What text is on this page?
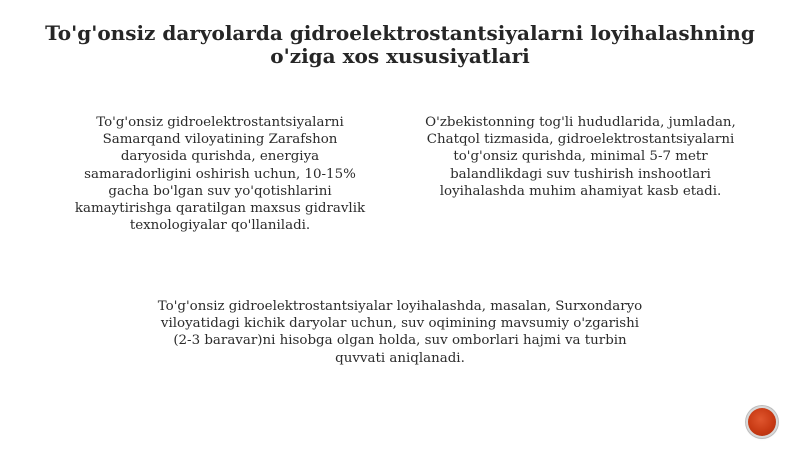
To'g'onsiz daryolarda gidroelektrostantsiyalarni loyihalashning o'ziga xos xususiyatlari

To'g'onsiz gidroelektrostantsiyalarni
Samarqand viloyatining Zarafshon
daryosida qurishda, energiya
samaradorligini oshirish uchun, 10-15%
gacha bo'lgan suv yo'qotishlarini
kamaytirishga qaratilgan maxsus gidravlik
texnologiyalar qo'llaniladi.

O'zbekistonning tog'li hududlarida, jumladan,
Chatqol tizmasida, gidroelektrostantsiyalarni
to'g'onsiz qurishda, minimal 5-7 metr
balandlikdagi suv tushirish inshootlari
loyihalashda muhim ahamiyat kasb etadi.

To'g'onsiz gidroelektrostantsiyalar loyihalashda, masalan, Surxondaryo
viloyatidagi kichik daryolar uchun, suv oqimining mavsumiy o'zgarishi
(2-3 baravar)ni hisobga olgan holda, suv omborlari hajmi va turbin
quvvati aniqlanadi.
